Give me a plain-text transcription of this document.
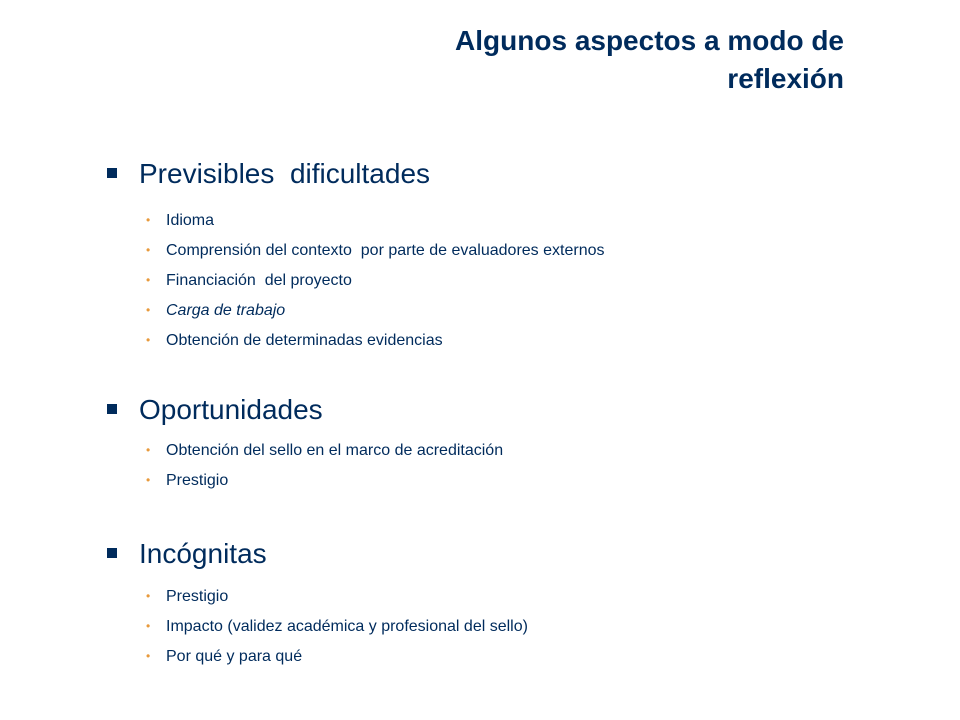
Algunos aspectos a modo de
reflexión
Previsibles  dificultades
• Idioma
• Comprensión del contexto  por parte de evaluadores externos
• Financiación  del proyecto
• Carga de trabajo
• Obtención de determinadas evidencias
Oportunidades
• Obtención del sello en el marco de acreditación
• Prestigio
Incógnitas
• Prestigio
• Impacto (validez académica y profesional del sello)
• Por qué y para qué
